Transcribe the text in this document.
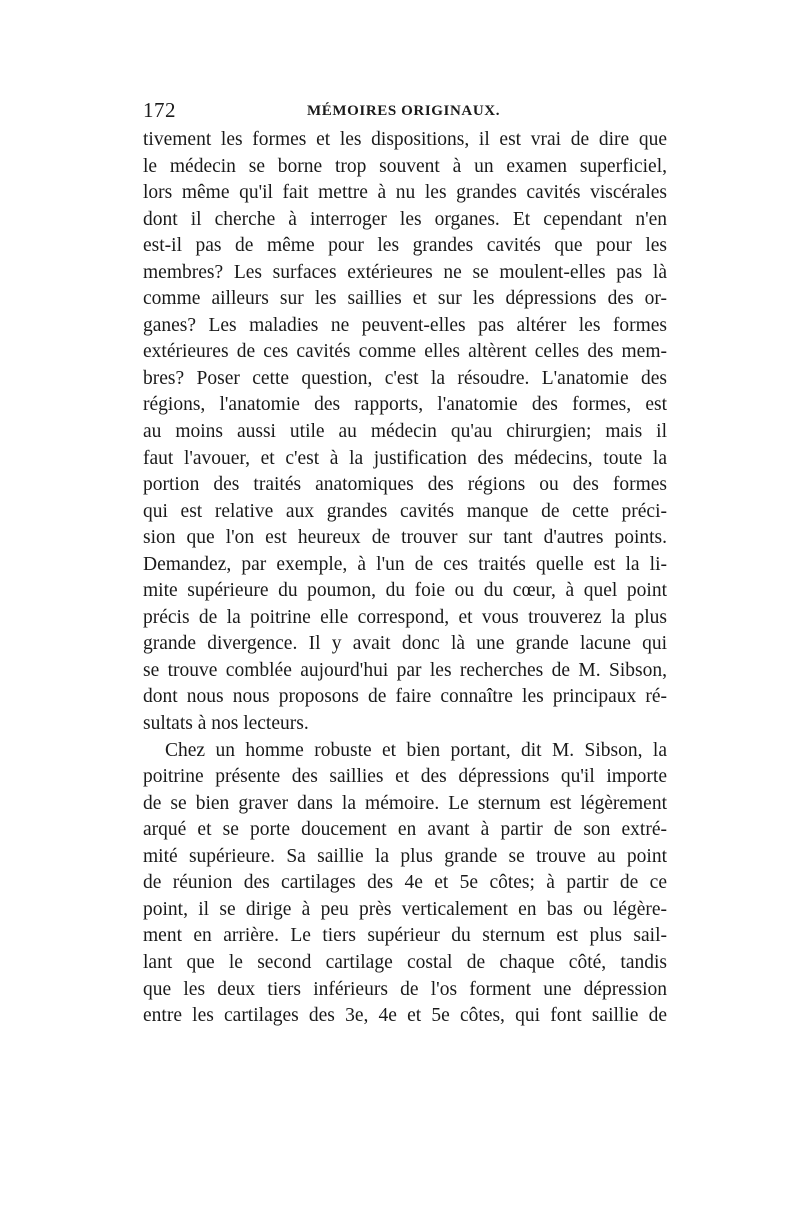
172	MÉMOIRES ORIGINAUX.
tivement les formes et les dispositions, il est vrai de dire que
le médecin se borne trop souvent à un examen superficiel,
lors même qu'il fait mettre à nu les grandes cavités viscérales
dont il cherche à interroger les organes. Et cependant n'en
est-il pas de même pour les grandes cavités que pour les
membres? Les surfaces extérieures ne se moulent-elles pas là
comme ailleurs sur les saillies et sur les dépressions des or-
ganes? Les maladies ne peuvent-elles pas altérer les formes
extérieures de ces cavités comme elles altèrent celles des mem-
bres? Poser cette question, c'est la résoudre. L'anatomie des
régions, l'anatomie des rapports, l'anatomie des formes, est
au moins aussi utile au médecin qu'au chirurgien; mais il
faut l'avouer, et c'est à la justification des médecins, toute la
portion des traités anatomiques des régions ou des formes
qui est relative aux grandes cavités manque de cette préci-
sion que l'on est heureux de trouver sur tant d'autres points.
Demandez, par exemple, à l'un de ces traités quelle est la li-
mite supérieure du poumon, du foie ou du cœur, à quel point
précis de la poitrine elle correspond, et vous trouverez la plus
grande divergence. Il y avait donc là une grande lacune qui
se trouve comblée aujourd'hui par les recherches de M. Sibson,
dont nous nous proposons de faire connaître les principaux ré-
sultats à nos lecteurs.
Chez un homme robuste et bien portant, dit M. Sibson, la
poitrine présente des saillies et des dépressions qu'il importe
de se bien graver dans la mémoire. Le sternum est légèrement
arqué et se porte doucement en avant à partir de son extré-
mité supérieure. Sa saillie la plus grande se trouve au point
de réunion des cartilages des 4e et 5e côtes; à partir de ce
point, il se dirige à peu près verticalement en bas ou légère-
ment en arrière. Le tiers supérieur du sternum est plus sail-
lant que le second cartilage costal de chaque côté, tandis
que les deux tiers inférieurs de l'os forment une dépression
entre les cartilages des 3e, 4e et 5e côtes, qui font saillie de
